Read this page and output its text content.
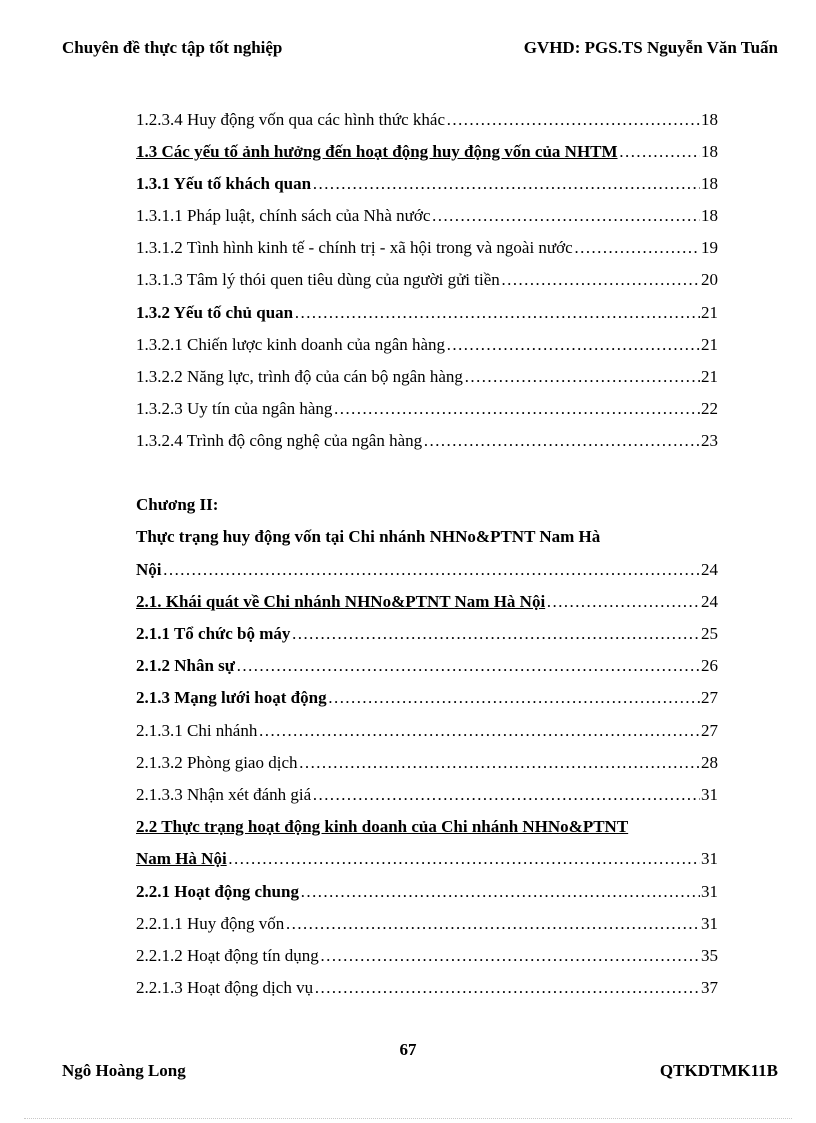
Chuyên đề thực tập tốt nghiệp	GVHD: PGS.TS Nguyễn Văn Tuấn
1.2.3.4 Huy động vốn qua các hình thức khác ………………………………………………………………………………………………………………………	18
1.3 Các yếu tố ảnh hưởng đến hoạt động huy động vốn của NHTM ………………………………………………………………………………………………………………………	18
1.3.1 Yếu tố khách quan ………………………………………………………………………………………………………………………	18
1.3.1.1 Pháp luật, chính sách của Nhà nước ………………………………………………………………………………………………………………………	18
1.3.1.2 Tình hình kinh tế - chính trị - xã hội trong và ngoài nước ………………………………………………………………………………………………………………………	19
1.3.1.3 Tâm lý thói quen tiêu dùng của người gửi tiền ………………………………………………………………………………………………………………………	20
1.3.2 Yếu tố chủ quan ………………………………………………………………………………………………………………………	21
1.3.2.1 Chiến lược kinh doanh của ngân hàng ………………………………………………………………………………………………………………………	21
1.3.2.2 Năng lực, trình độ của cán bộ ngân hàng ………………………………………………………………………………………………………………………	21
1.3.2.3 Uy tín của ngân hàng ………………………………………………………………………………………………………………………	22
1.3.2.4 Trình độ công nghệ của ngân hàng ………………………………………………………………………………………………………………………	23
Chương II:
Thực trạng huy động vốn tại Chi nhánh NHNo&PTNT Nam Hà
Nội ………………………………………………………………………………………………………………………	24
2.1. Khái quát về Chi nhánh NHNo&PTNT Nam Hà Nội ………………………………………………………………………………………………………………………	24
2.1.1 Tổ chức bộ máy ………………………………………………………………………………………………………………………	25
2.1.2 Nhân sự ………………………………………………………………………………………………………………………	26
2.1.3 Mạng lưới hoạt động ………………………………………………………………………………………………………………………	27
2.1.3.1 Chi nhánh ………………………………………………………………………………………………………………………	27
2.1.3.2 Phòng giao dịch ………………………………………………………………………………………………………………………	28
2.1.3.3 Nhận xét đánh giá ………………………………………………………………………………………………………………………	31
2.2 Thực trạng hoạt động kinh doanh của Chi nhánh NHNo&PTNT
Nam Hà Nội ………………………………………………………………………………………………………………………	31
2.2.1 Hoạt động chung ………………………………………………………………………………………………………………………	31
2.2.1.1 Huy động vốn ………………………………………………………………………………………………………………………	31
2.2.1.2 Hoạt động tín dụng ………………………………………………………………………………………………………………………	35
2.2.1.3 Hoạt động dịch vụ ………………………………………………………………………………………………………………………	37
67
Ngô Hoàng Long	QTKDTMK11B
